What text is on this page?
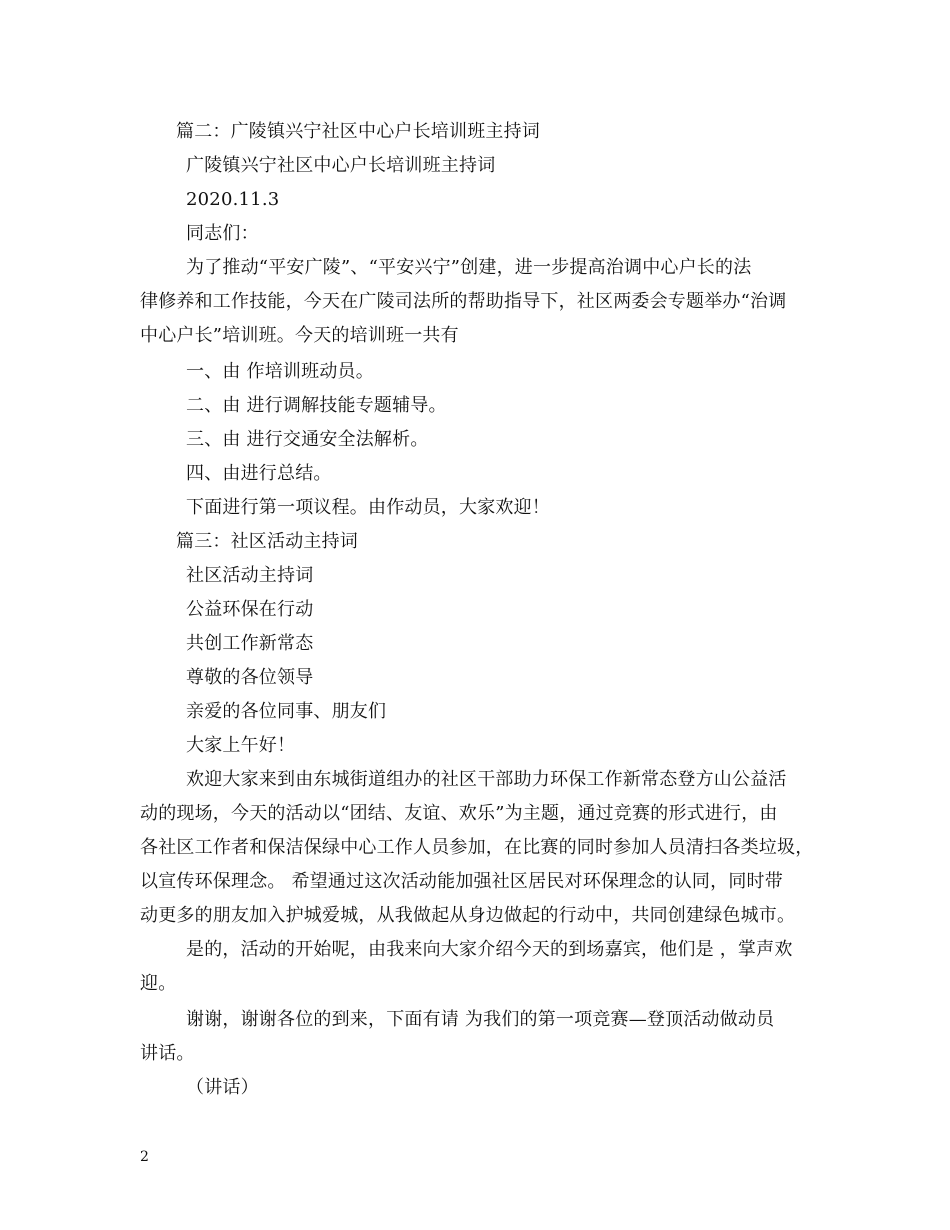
篇二：广陵镇兴宁社区中心户长培训班主持词
广陵镇兴宁社区中心户长培训班主持词
2020.11.3
同志们：
为了推动“平安广陵”、“平安兴宁”创建，进一步提高治调中心户长的法
律修养和工作技能，今天在广陵司法所的帮助指导下，社区两委会专题举办“治调
中心户长”培训班。今天的培训班一共有
一、由 作培训班动员。
二、由 进行调解技能专题辅导。
三、由 进行交通安全法解析。
四、由进行总结。
下面进行第一项议程。由作动员，大家欢迎！
篇三：社区活动主持词
社区活动主持词
公益环保在行动
共创工作新常态
尊敬的各位领导
亲爱的各位同事、朋友们
大家上午好！
欢迎大家来到由东城街道组办的社区干部助力环保工作新常态登方山公益活
动的现场，今天的活动以“团结、友谊、欢乐”为主题，通过竞赛的形式进行，由
各社区工作者和保洁保绿中心工作人员参加，在比赛的同时参加人员清扫各类垃圾，
以宣传环保理念。 希望通过这次活动能加强社区居民对环保理念的认同，同时带
动更多的朋友加入护城爱城，从我做起从身边做起的行动中，共同创建绿色城市。
是的，活动的开始呢，由我来向大家介绍今天的到场嘉宾，他们是 ，掌声欢
迎。
谢谢，谢谢各位的到来，下面有请 为我们的第一项竞赛—登顶活动做动员
讲话。
（讲话）
2
